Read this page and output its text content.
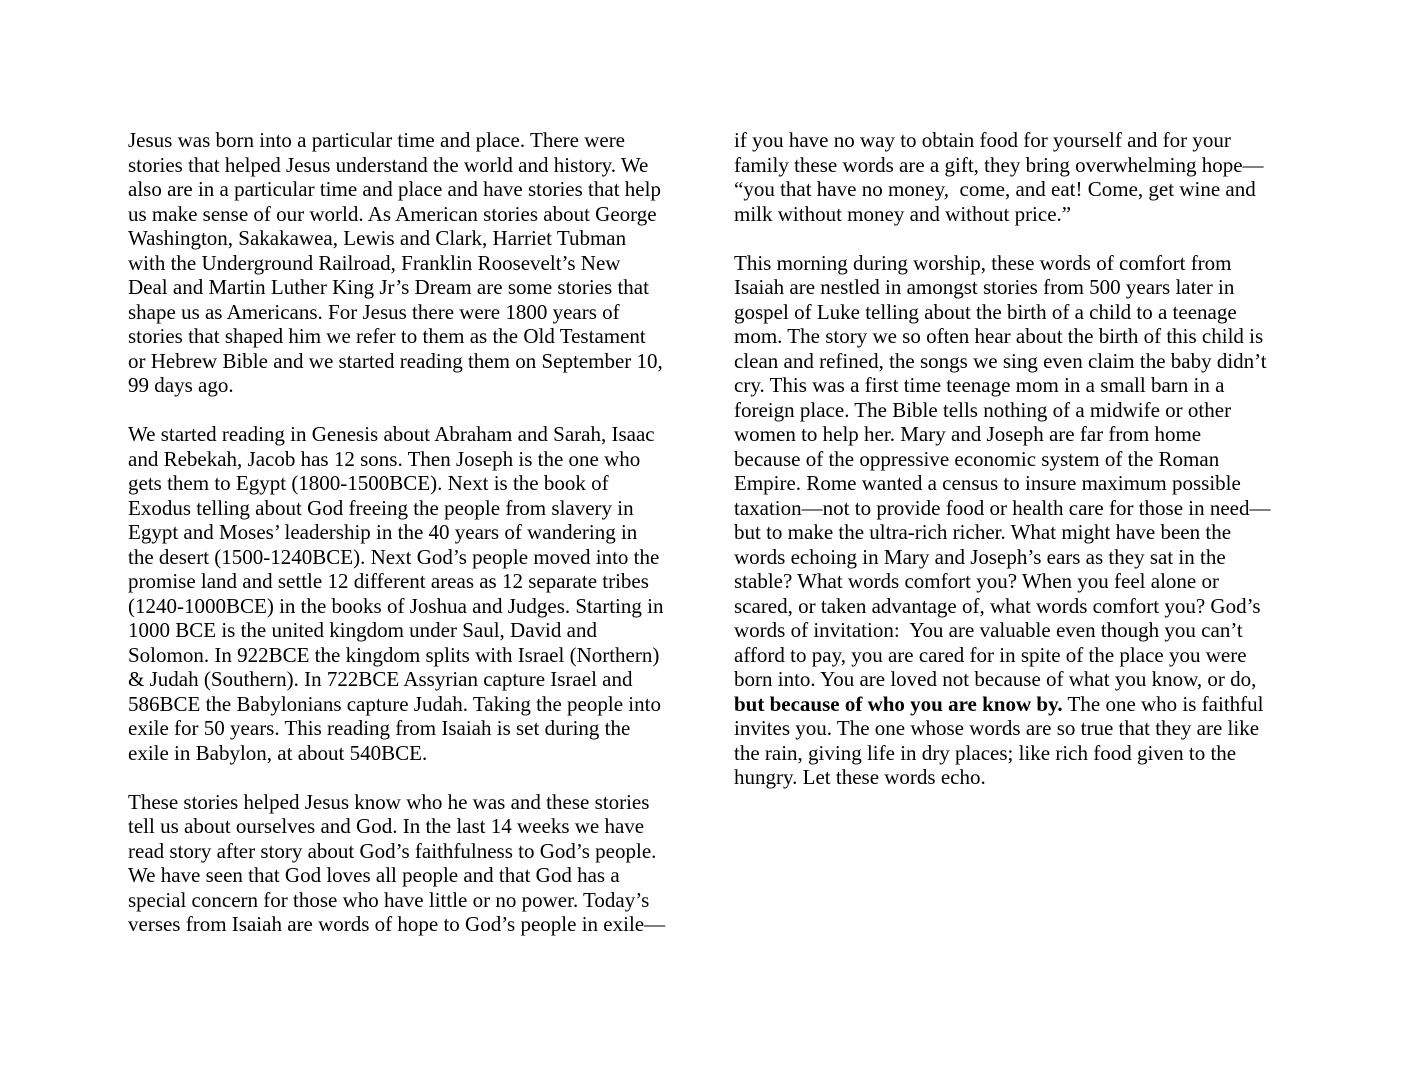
Jesus was born into a particular time and place. There were
stories that helped Jesus understand the world and history. We
also are in a particular time and place and have stories that help
us make sense of our world. As American stories about George
Washington, Sakakawea, Lewis and Clark, Harriet Tubman
with the Underground Railroad, Franklin Roosevelt’s New
Deal and Martin Luther King Jr’s Dream are some stories that
shape us as Americans. For Jesus there were 1800 years of
stories that shaped him we refer to them as the Old Testament
or Hebrew Bible and we started reading them on September 10,
99 days ago.
We started reading in Genesis about Abraham and Sarah, Isaac
and Rebekah, Jacob has 12 sons. Then Joseph is the one who
gets them to Egypt (1800-1500BCE). Next is the book of
Exodus telling about God freeing the people from slavery in
Egypt and Moses’ leadership in the 40 years of wandering in
the desert (1500-1240BCE). Next God’s people moved into the
promise land and settle 12 different areas as 12 separate tribes
(1240-1000BCE) in the books of Joshua and Judges. Starting in
1000 BCE is the united kingdom under Saul, David and
Solomon. In 922BCE the kingdom splits with Israel (Northern)
& Judah (Southern). In 722BCE Assyrian capture Israel and
586BCE the Babylonians capture Judah. Taking the people into
exile for 50 years. This reading from Isaiah is set during the
exile in Babylon, at about 540BCE.
These stories helped Jesus know who he was and these stories
tell us about ourselves and God. In the last 14 weeks we have
read story after story about God’s faithfulness to God’s people.
We have seen that God loves all people and that God has a
special concern for those who have little or no power. Today’s
verses from Isaiah are words of hope to God’s people in exile—
if you have no way to obtain food for yourself and for your
family these words are a gift, they bring overwhelming hope—
“you that have no money,  come, and eat! Come, get wine and
milk without money and without price.”
This morning during worship, these words of comfort from
Isaiah are nestled in amongst stories from 500 years later in
gospel of Luke telling about the birth of a child to a teenage
mom. The story we so often hear about the birth of this child is
clean and refined, the songs we sing even claim the baby didn’t
cry. This was a first time teenage mom in a small barn in a
foreign place. The Bible tells nothing of a midwife or other
women to help her. Mary and Joseph are far from home
because of the oppressive economic system of the Roman
Empire. Rome wanted a census to insure maximum possible
taxation—not to provide food or health care for those in need—
but to make the ultra-rich richer. What might have been the
words echoing in Mary and Joseph’s ears as they sat in the
stable? What words comfort you? When you feel alone or
scared, or taken advantage of, what words comfort you? God’s
words of invitation:  You are valuable even though you can’t
afford to pay, you are cared for in spite of the place you were
born into. You are loved not because of what you know, or do,
but because of who you are know by. The one who is faithful
invites you. The one whose words are so true that they are like
the rain, giving life in dry places; like rich food given to the
hungry. Let these words echo.
